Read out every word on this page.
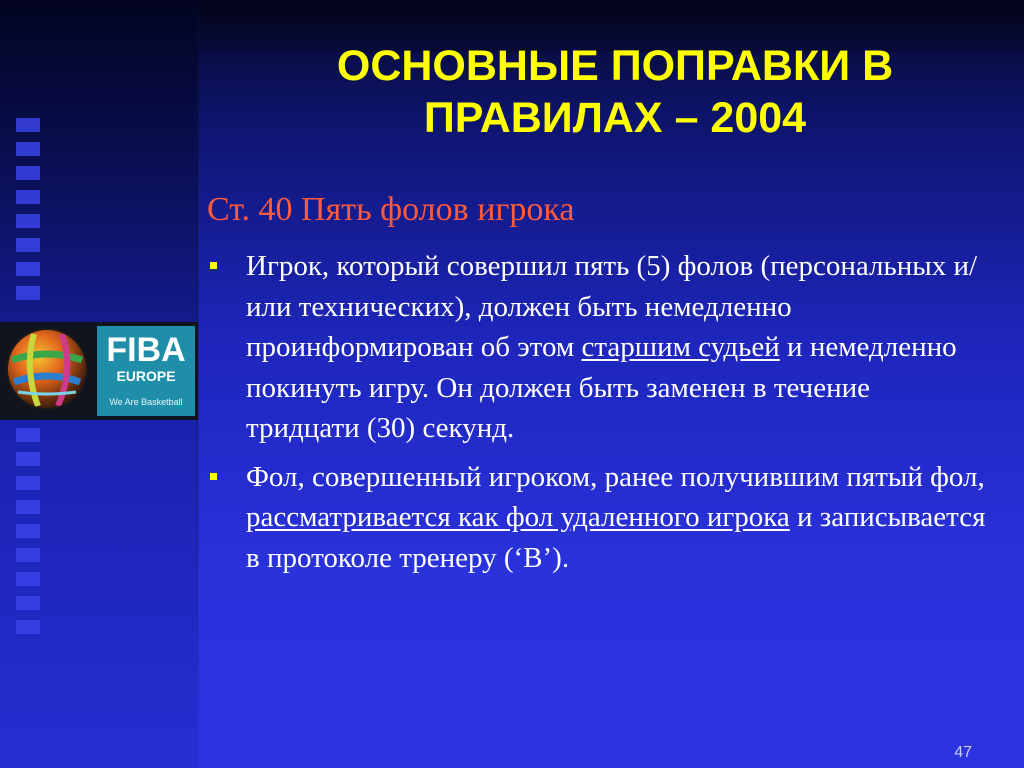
FIBA
EUROPE
We Are Basketball
ОСНОВНЫЕ ПОПРАВКИ В ПРАВИЛАХ – 2004
Ст. 40 Пять фолов игрока
Игрок, который совершил пять (5) фолов (персональных и/или технических), должен быть немедленно проинформирован об этом старшим судьей и немедленно покинуть игру. Он должен быть заменен в течение тридцати (30) секунд.
Фол, совершенный игроком, ранее получившим пятый фол, рассматривается как фол удаленного игрока и записывается в протоколе тренеру (‘В’).
47
